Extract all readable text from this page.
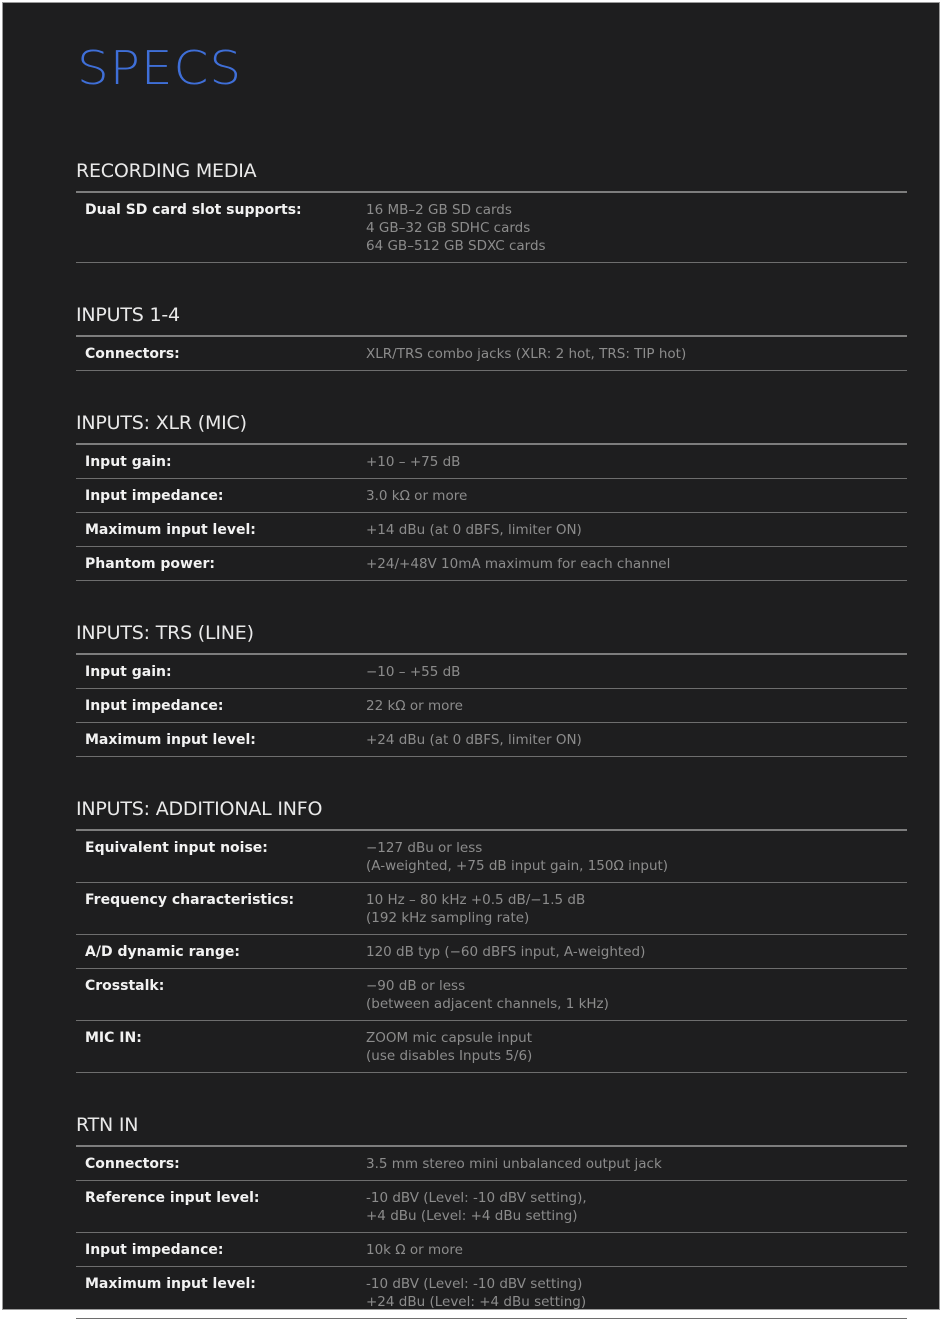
SPECS
RECORDING MEDIA
Dual SD card slot supports:	16 MB–2 GB SD cards
4 GB–32 GB SDHC cards
64 GB–512 GB SDXC cards
INPUTS 1-4
Connectors:	XLR/TRS combo jacks (XLR: 2 hot, TRS: TIP hot)
INPUTS: XLR (MIC)
Input gain:	+10 – +75 dB
Input impedance:	3.0 kΩ or more
Maximum input level:	+14 dBu (at 0 dBFS, limiter ON)
Phantom power:	+24/+48V 10mA maximum for each channel
INPUTS: TRS (LINE)
Input gain:	−10 – +55 dB
Input impedance:	22 kΩ or more
Maximum input level:	+24 dBu (at 0 dBFS, limiter ON)
INPUTS: ADDITIONAL INFO
Equivalent input noise:	−127 dBu or less
(A-weighted, +75 dB input gain, 150Ω input)
Frequency characteristics:	10 Hz – 80 kHz +0.5 dB/−1.5 dB
(192 kHz sampling rate)
A/D dynamic range:	120 dB typ (−60 dBFS input, A-weighted)
Crosstalk:	−90 dB or less
(between adjacent channels, 1 kHz)
MIC IN:	ZOOM mic capsule input
(use disables Inputs 5/6)
RTN IN
Connectors:	3.5 mm stereo mini unbalanced output jack
Reference input level:	-10 dBV (Level: -10 dBV setting),
+4 dBu (Level: +4 dBu setting)
Input impedance:	10k Ω or more
Maximum input level:	-10 dBV (Level: -10 dBV setting)
+24 dBu (Level: +4 dBu setting)
